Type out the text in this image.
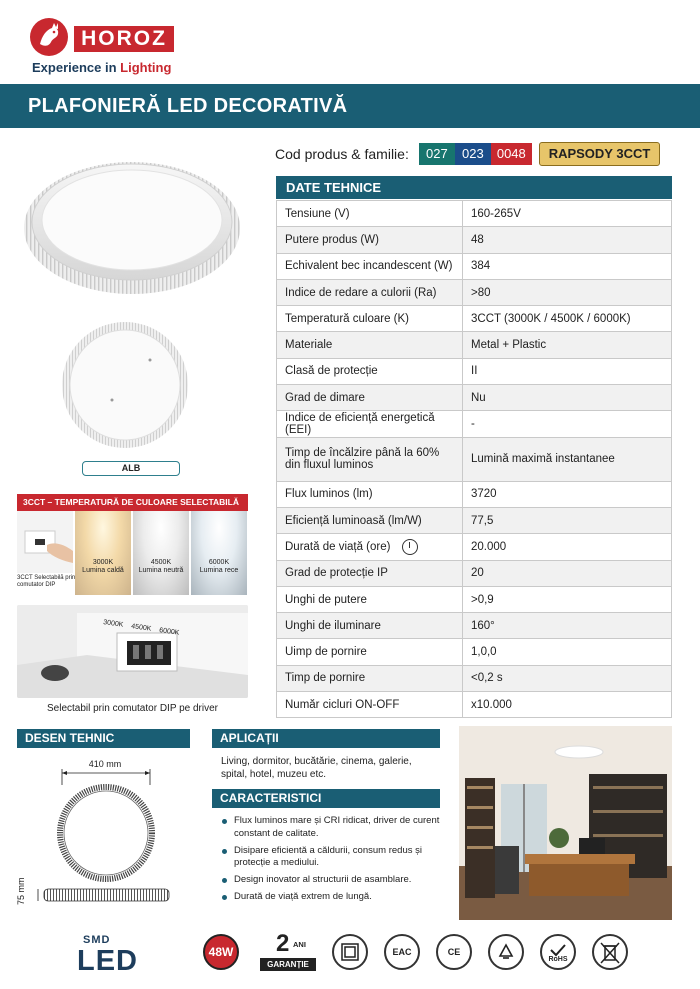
HOROZ
Experience in Lighting
PLAFONIERĂ LED DECORATIVĂ
Cod produs & familie:	027	023	0048	RAPSODY 3CCT
DATE TEHNICE
Tensiune (V)	160-265V
Putere produs (W)	48
Echivalent bec incandescent (W)	384
Indice de redare a culorii (Ra)	>80
Temperatură culoare (K)	3CCT (3000K / 4500K / 6000K)
Materiale	Metal + Plastic
Clasă de protecție	II
Grad de dimare	Nu
Indice de eficiență energetică (EEI)	-
Timp de încălzire până la 60% din fluxul luminos	Lumină maximă instantanee
Flux luminos (lm)	3720
Eficiență luminoasă (lm/W)	77,5
Durată de viață (ore)	20.000
Grad de protecție IP	20
Unghi de putere	>0,9
Unghi de iluminare	160°
Uimp de pornire	1,0,0
Timp de pornire	<0,2 s
Număr cicluri ON-OFF	x10.000
ALB
3CCT – TEMPERATURĂ DE CULOARE SELECTABILĂ
3CCT Selectabilă prin comutator DIP
3000K
Lumina caldă
4500K
Lumina neutră
6000K
Lumina rece
3000K 4500K 6000K
Selectabil prin comutator DIP pe driver
DESEN TEHNIC	APLICAȚII
Living, dormitor, bucătărie, cinema, galerie, spital, hotel, muzeu etc.
CARACTERISTICI
Flux luminos mare și CRI ridicat, driver de curent constant de calitate.
Disipare eficientă a căldurii, consum redus și protecție a mediului.
Design inovator al structurii de asamblare.
Durată de viață extrem de lungă.
410 mm
75 mm
SMD
LED	48W 2 ANI
GARANȚIE
EAC	CE
RoHS
